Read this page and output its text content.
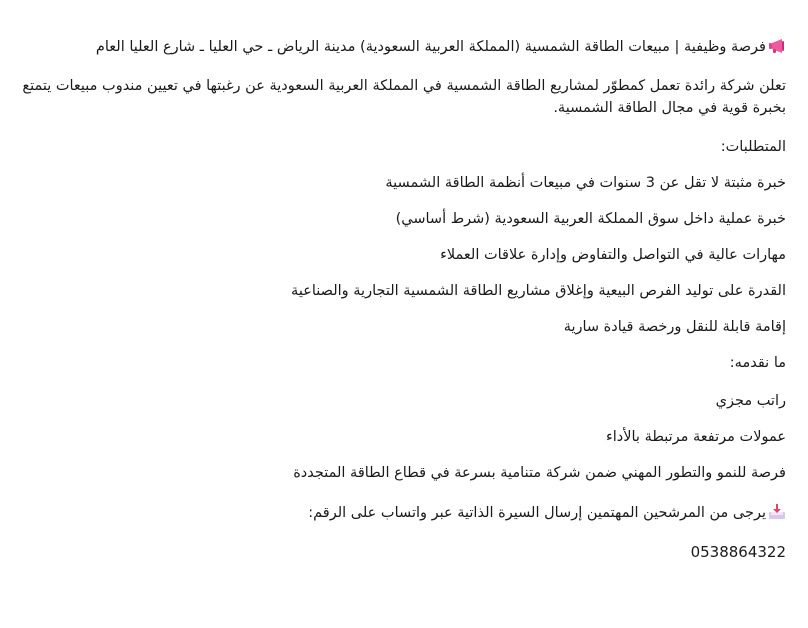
فرصة وظيفية | مبيعات الطاقة الشمسية (المملكة العربية السعودية) مدينة الرياض ـ حي العليا ـ شارع العليا العام

تعلن شركة رائدة تعمل كمطوّر لمشاريع الطاقة الشمسية في المملكة العربية السعودية عن رغبتها في تعيين مندوب مبيعات يتمتع بخبرة قوية في مجال الطاقة الشمسية.

المتطلبات:

خبرة مثبتة لا تقل عن 3 سنوات في مبيعات أنظمة الطاقة الشمسية

خبرة عملية داخل سوق المملكة العربية السعودية (شرط أساسي)

مهارات عالية في التواصل والتفاوض وإدارة علاقات العملاء

القدرة على توليد الفرص البيعية وإغلاق مشاريع الطاقة الشمسية التجارية والصناعية

إقامة قابلة للنقل ورخصة قيادة سارية

ما نقدمه:

راتب مجزي

عمولات مرتفعة مرتبطة بالأداء

فرصة للنمو والتطور المهني ضمن شركة متنامية بسرعة في قطاع الطاقة المتجددة

يرجى من المرشحين المهتمين إرسال السيرة الذاتية عبر واتساب على الرقم:

0538864322
